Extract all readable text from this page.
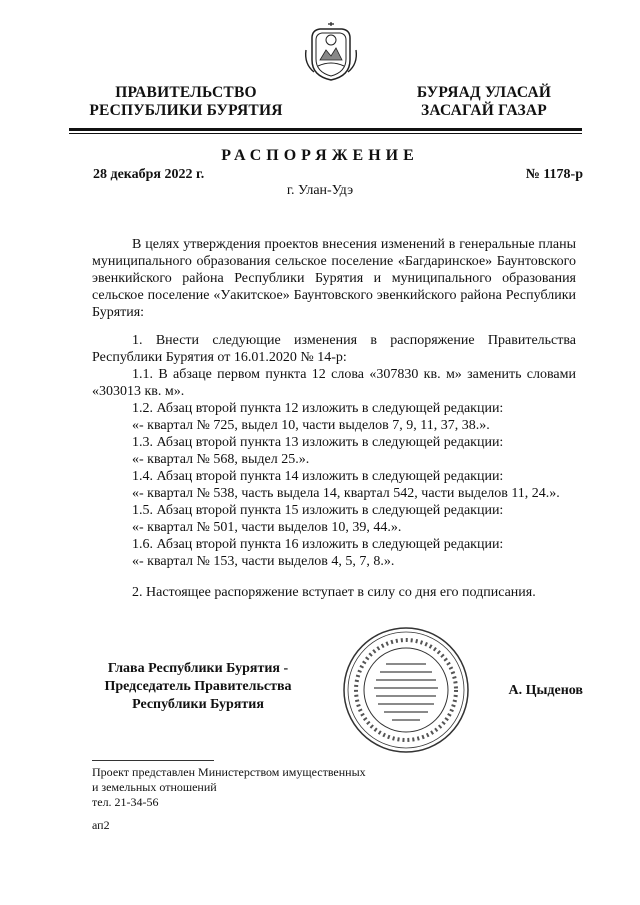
ПРАВИТЕЛЬСТВО
РЕСПУБЛИКИ БУРЯТИЯ
БУРЯАД УЛАСАЙ
ЗАСАГАЙ ГАЗАР
РАСПОРЯЖЕНИЕ
28 декабря 2022 г.	№ 1178-р
г. Улан-Удэ

В целях утверждения проектов внесения изменений в генеральные планы муниципального образования сельское поселение «Багдаринское» Баунтовского эвенкийского района Республики Бурятия и муниципального образования сельское поселение «Уакитское» Баунтовского эвенкийского района Республики Бурятия:

1. Внести следующие изменения в распоряжение Правительства Республики Бурятия от 16.01.2020 № 14-р:

1.1. В абзаце первом пункта 12 слова «307830 кв. м» заменить словами «303013 кв. м».

1.2. Абзац второй пункта 12 изложить в следующей редакции:

«- квартал № 725, выдел 10, части выделов 7, 9, 11, 37, 38.».

1.3. Абзац второй пункта 13 изложить в следующей редакции:

«- квартал № 568, выдел 25.».

1.4. Абзац второй пункта 14 изложить в следующей редакции:

«- квартал № 538, часть выдела 14, квартал 542, части выделов 11, 24.».

1.5. Абзац второй пункта 15 изложить в следующей редакции:

«- квартал № 501, части выделов 10, 39, 44.».

1.6. Абзац второй пункта 16 изложить в следующей редакции:

«- квартал № 153, части выделов 4, 5, 7, 8.».

2. Настоящее распоряжение вступает в силу со дня его подписания.

Глава Республики Бурятия -
Председатель Правительства
Республики Бурятия
А. Цыденов
Проект представлен Министерством имущественных
и земельных отношений
тел. 21-34-56
ап2
